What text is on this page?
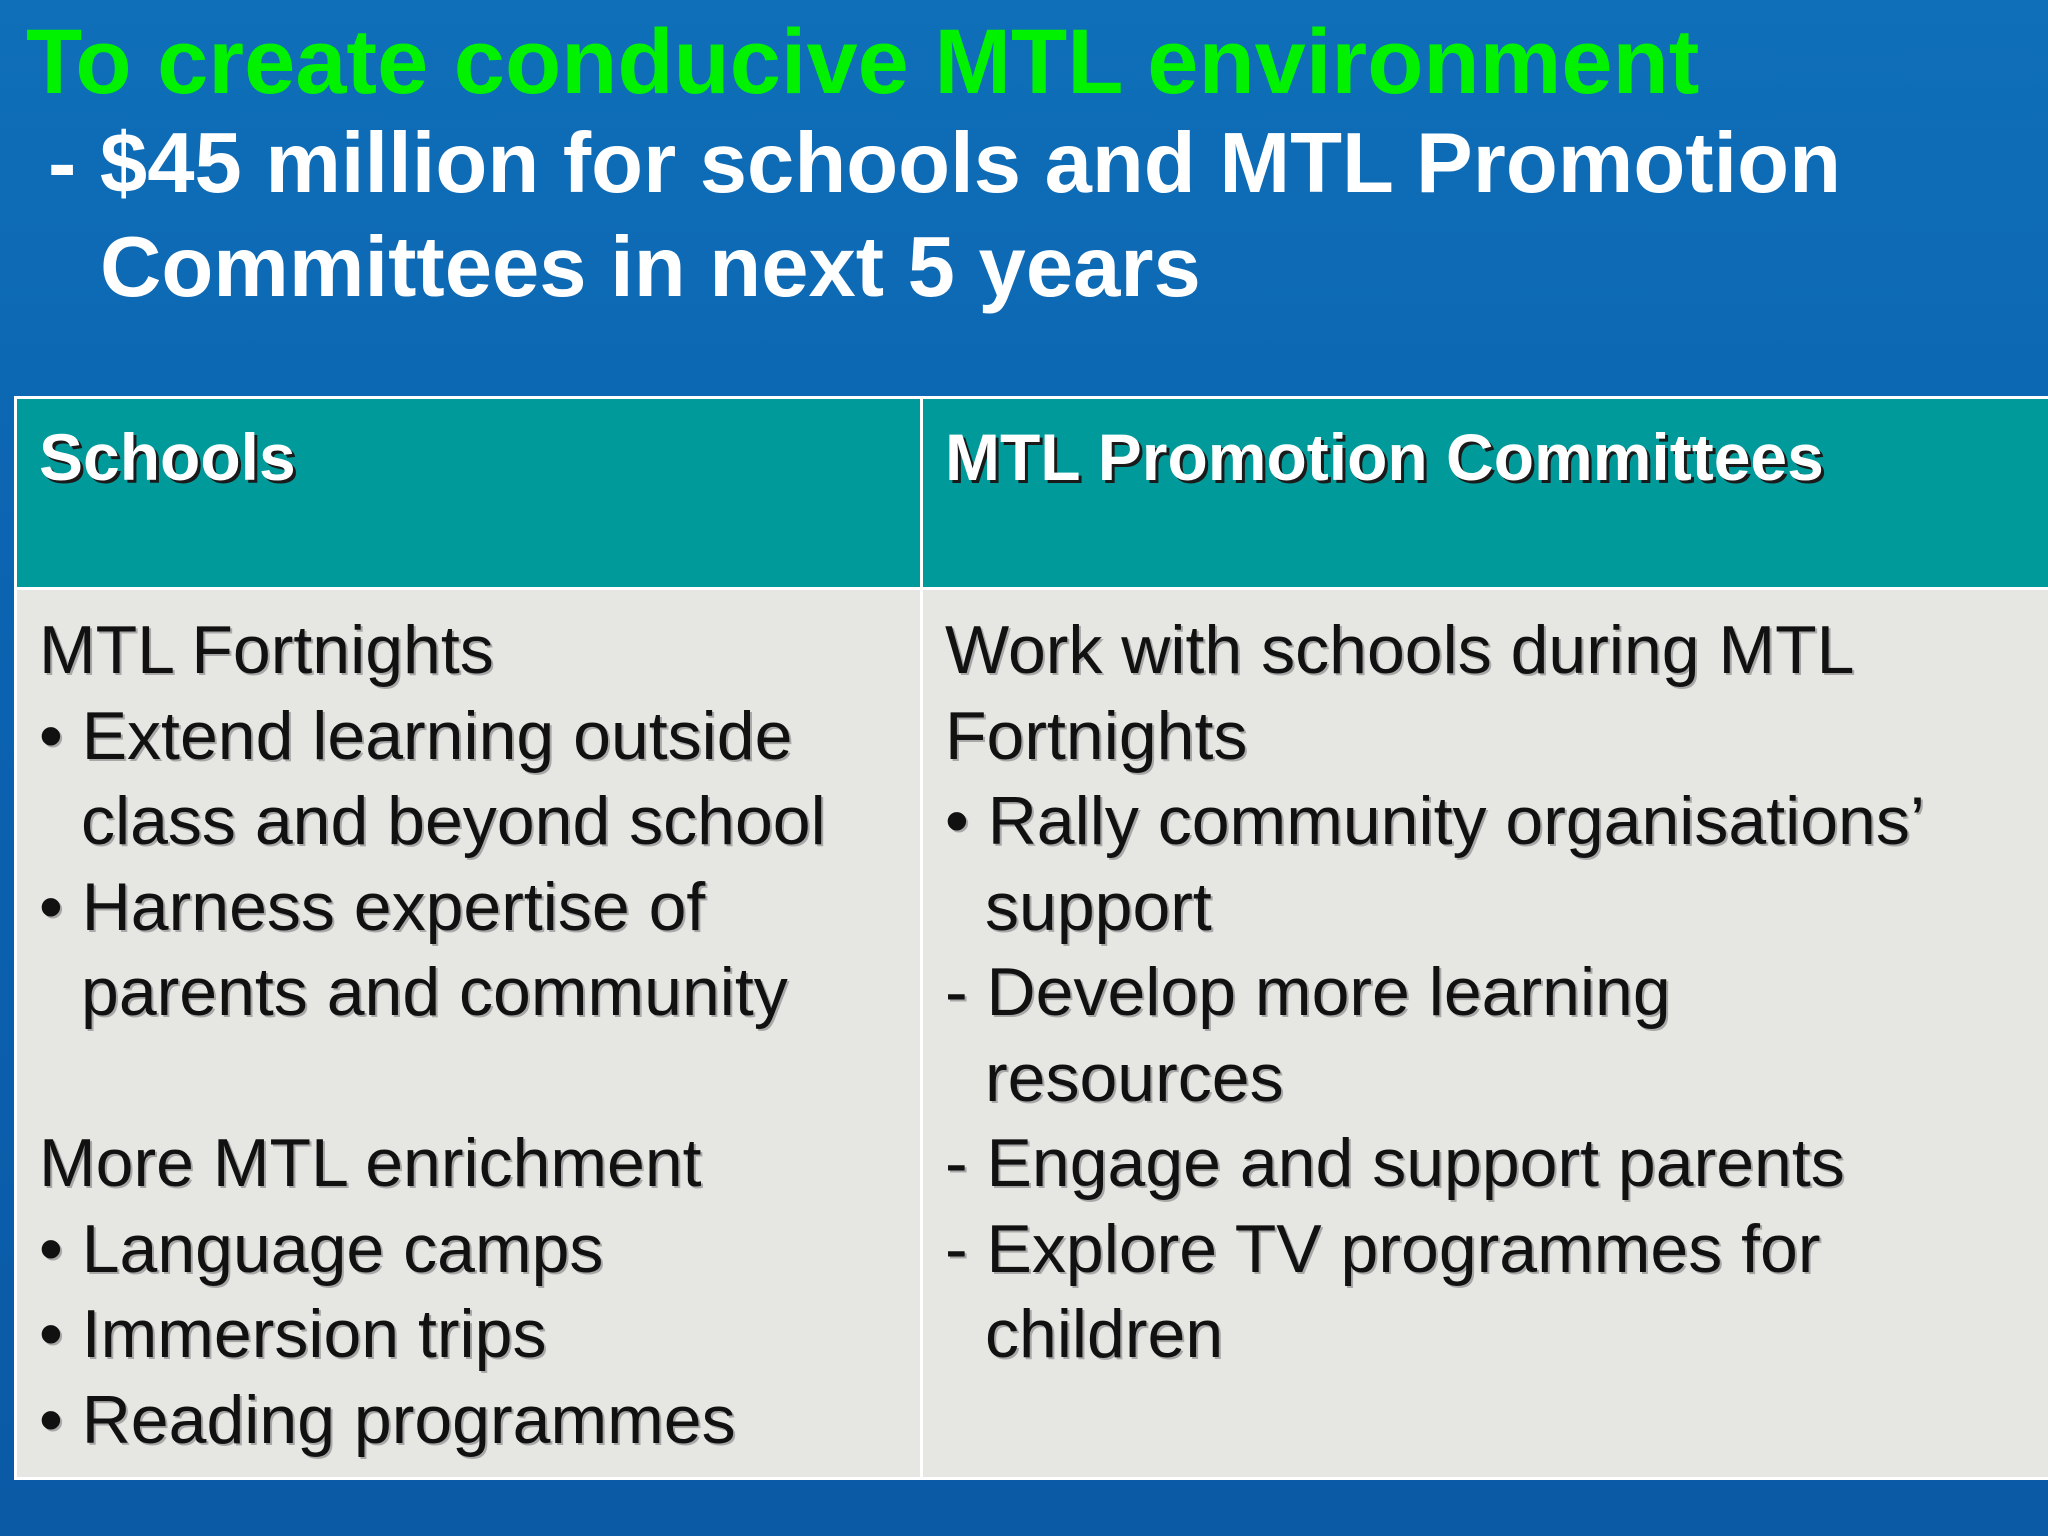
To create conducive MTL environment
- $45 million for schools and MTL Promotion
Committees in next 5 years
Schools	MTL Promotion Committees
MTL Fortnights
• Extend learning outside
class and beyond school
• Harness expertise of
parents and community
More MTL enrichment
• Language camps
• Immersion trips
• Reading programmes
Work with schools during MTL
Fortnights
• Rally community organisations’
support
- Develop more learning
resources
- Engage and support parents
- Explore TV programmes for
children
